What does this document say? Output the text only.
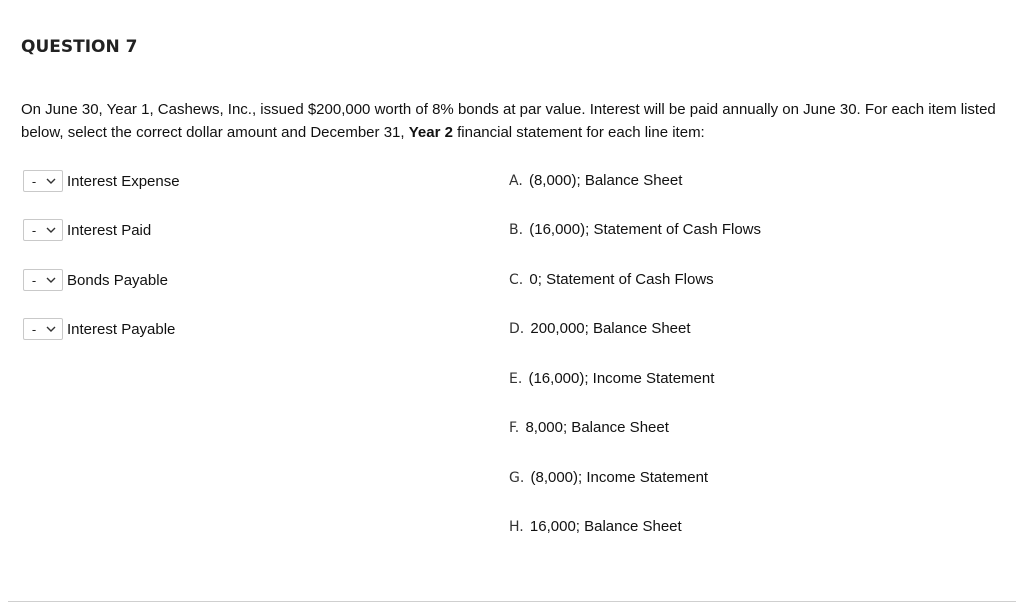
QUESTION 7
On June 30, Year 1, Cashews, Inc., issued $200,000 worth of 8% bonds at par value. Interest will be paid annually on June 30. For each item listed below, select the correct dollar amount and December 31, Year 2 financial statement for each line item:
-	Interest Expense
-	Interest Paid
-	Bonds Payable
-	Interest Payable
A. (8,000); Balance Sheet
B. (16,000); Statement of Cash Flows
C. 0; Statement of Cash Flows
D. 200,000; Balance Sheet
E. (16,000); Income Statement
F. 8,000; Balance Sheet
G. (8,000); Income Statement
H. 16,000; Balance Sheet
